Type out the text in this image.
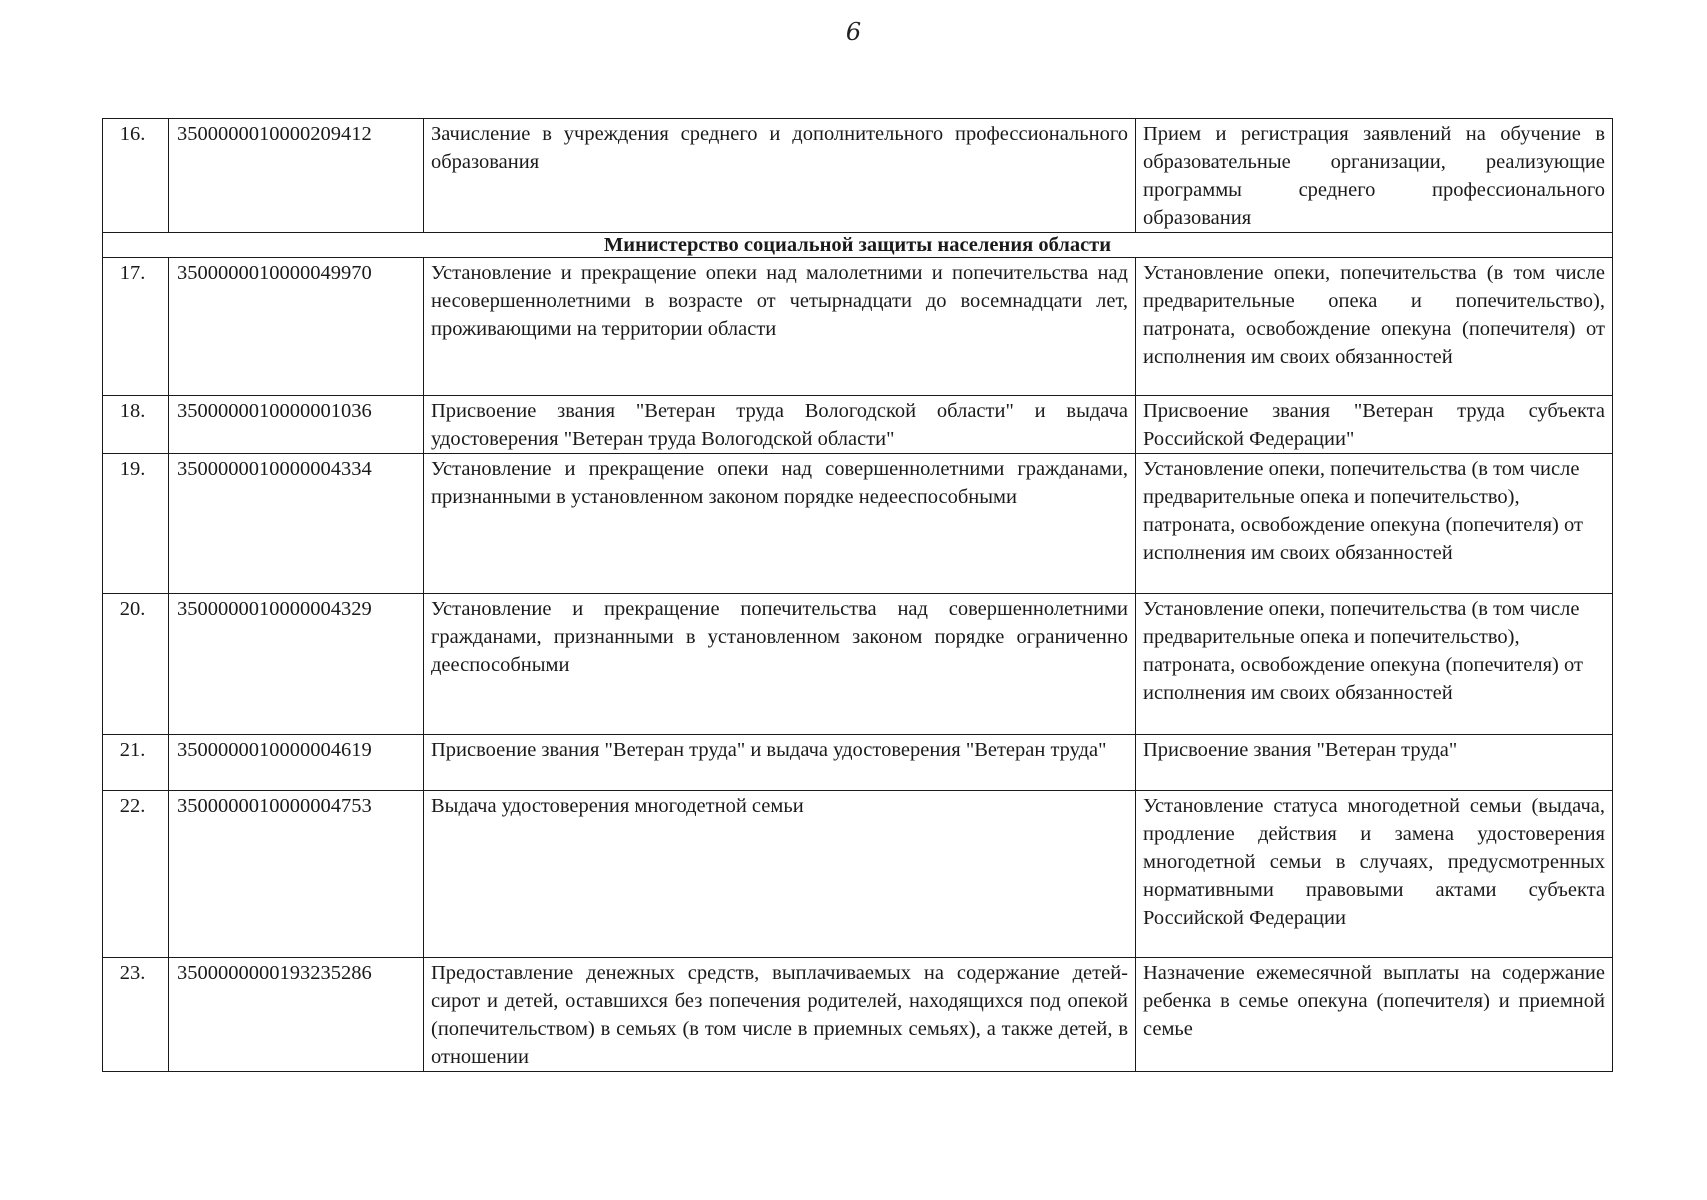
6
16.	3500000010000209412	Зачисление в учреждения среднего и дополнительного профессионального образования	Прием и регистрация заявлений на обучение в образовательные организации, реализующие программы среднего профессионального образования
Министерство социальной защиты населения области			
17.	3500000010000049970	Установление и прекращение опеки над малолетними и попечительства над несовершеннолетними в возрасте от четырнадцати до восемнадцати лет, проживающими на территории области	Установление опеки, попечительства (в том числе предварительные опека и попечительство), патроната, освобождение опекуна (попечителя) от исполнения им своих обязанностей
18.	3500000010000001036	Присвоение звания "Ветеран труда Вологодской области" и выдача удостоверения "Ветеран труда Вологодской области"	Присвоение звания "Ветеран труда субъекта Российской Федерации"
19.	3500000010000004334	Установление и прекращение опеки над совершеннолетними гражданами, признанными в установленном законом порядке недееспособными	Установление опеки, попечительства (в том числе предварительные опека и попечительство), патроната, освобождение опекуна (попечителя) от исполнения им своих обязанностей
20.	3500000010000004329	Установление и прекращение попечительства над совершеннолетними гражданами, признанными в установленном законом порядке ограниченно дееспособными	Установление опеки, попечительства (в том числе предварительные опека и попечительство), патроната, освобождение опекуна (попечителя) от исполнения им своих обязанностей
21.	3500000010000004619	Присвоение звания "Ветеран труда" и выдача удостоверения "Ветеран труда"	Присвоение звания "Ветеран труда"
22.	3500000010000004753	Выдача удостоверения многодетной семьи	Установление статуса многодетной семьи (выдача, продление действия и замена удостоверения многодетной семьи в случаях, предусмотренных нормативными правовыми актами субъекта Российской Федерации
23.	3500000000193235286	Предоставление денежных средств, выплачиваемых на содержание детей-сирот и детей, оставшихся без попечения родителей, находящихся под опекой (попечительством) в семьях (в том числе в приемных семьях), а также детей, в отношении	Назначение ежемесячной выплаты на содержание ребенка в семье опекуна (попечителя) и приемной семье
